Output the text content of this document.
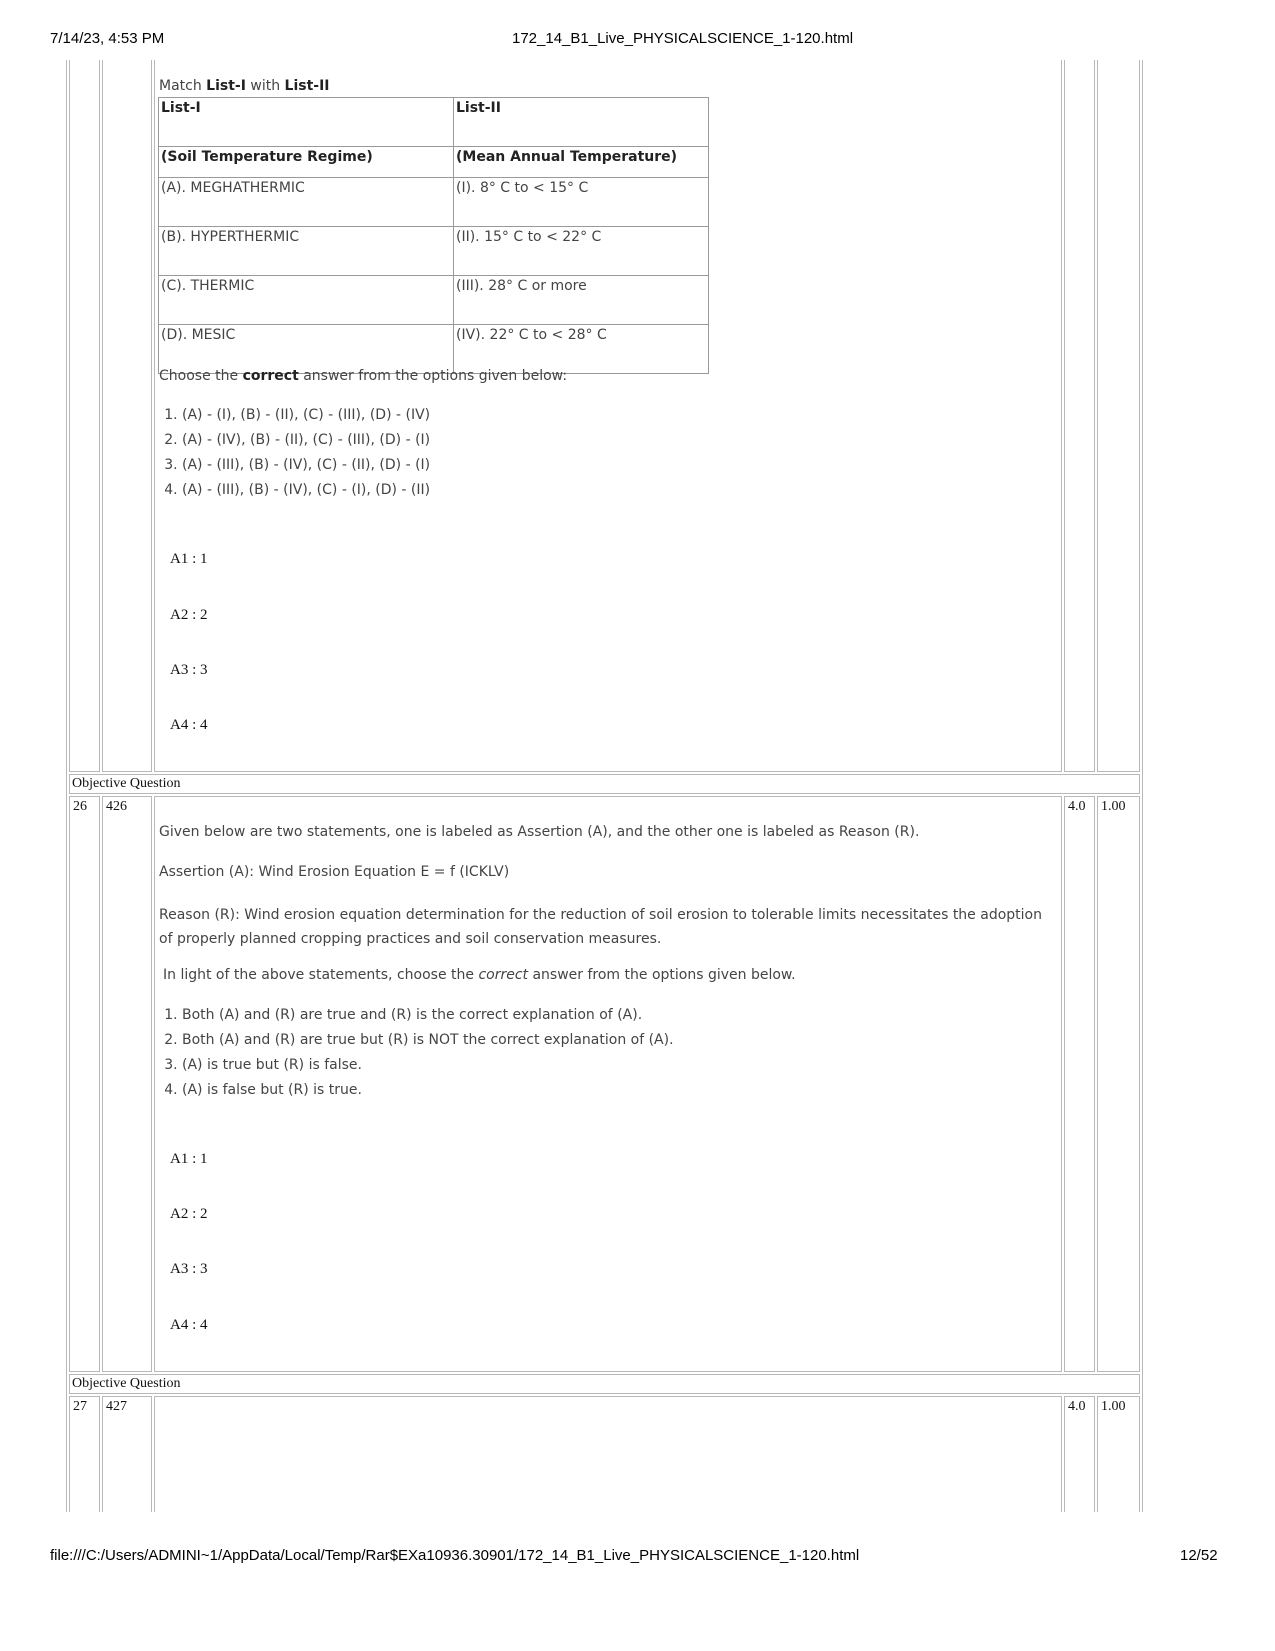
7/14/23, 4:53 PM	172_14_B1_Live_PHYSICALSCIENCE_1-120.html
Match List-I with List-II
List-I	List-II
(Soil Temperature Regime)	(Mean Annual Temperature)
(A). MEGHATHERMIC	(I). 8° C to < 15° C
(B). HYPERTHERMIC	(II). 15° C to < 22° C
(C). THERMIC	(III). 28° C or more
(D). MESIC	(IV). 22° C to < 28° C
Choose the correct answer from the options given below:
1. (A) - (I), (B) - (II), (C) - (III), (D) - (IV)
2. (A) - (IV), (B) - (II), (C) - (III), (D) - (I)
3. (A) - (III), (B) - (IV), (C) - (II), (D) - (I)
4. (A) - (III), (B) - (IV), (C) - (I), (D) - (II)
A1 : 1
A2 : 2
A3 : 3
A4 : 4
Objective Question
26	426	4.0	1.00
Given below are two statements, one is labeled as Assertion (A), and the other one is labeled as Reason (R).
Assertion (A): Wind Erosion Equation E = f (ICKLV)
Reason (R): Wind erosion equation determination for the reduction of soil erosion to tolerable limits necessitates the adoption of properly planned cropping practices and soil conservation measures.
In light of the above statements, choose the correct answer from the options given below.
1. Both (A) and (R) are true and (R) is the correct explanation of (A).
2. Both (A) and (R) are true but (R) is NOT the correct explanation of (A).
3. (A) is true but (R) is false.
4. (A) is false but (R) is true.
A1 : 1
A2 : 2
A3 : 3
A4 : 4
Objective Question
27	427	4.0	1.00
file:///C:/Users/ADMINI~1/AppData/Local/Temp/Rar$EXa10936.30901/172_14_B1_Live_PHYSICALSCIENCE_1-120.html	12/52
